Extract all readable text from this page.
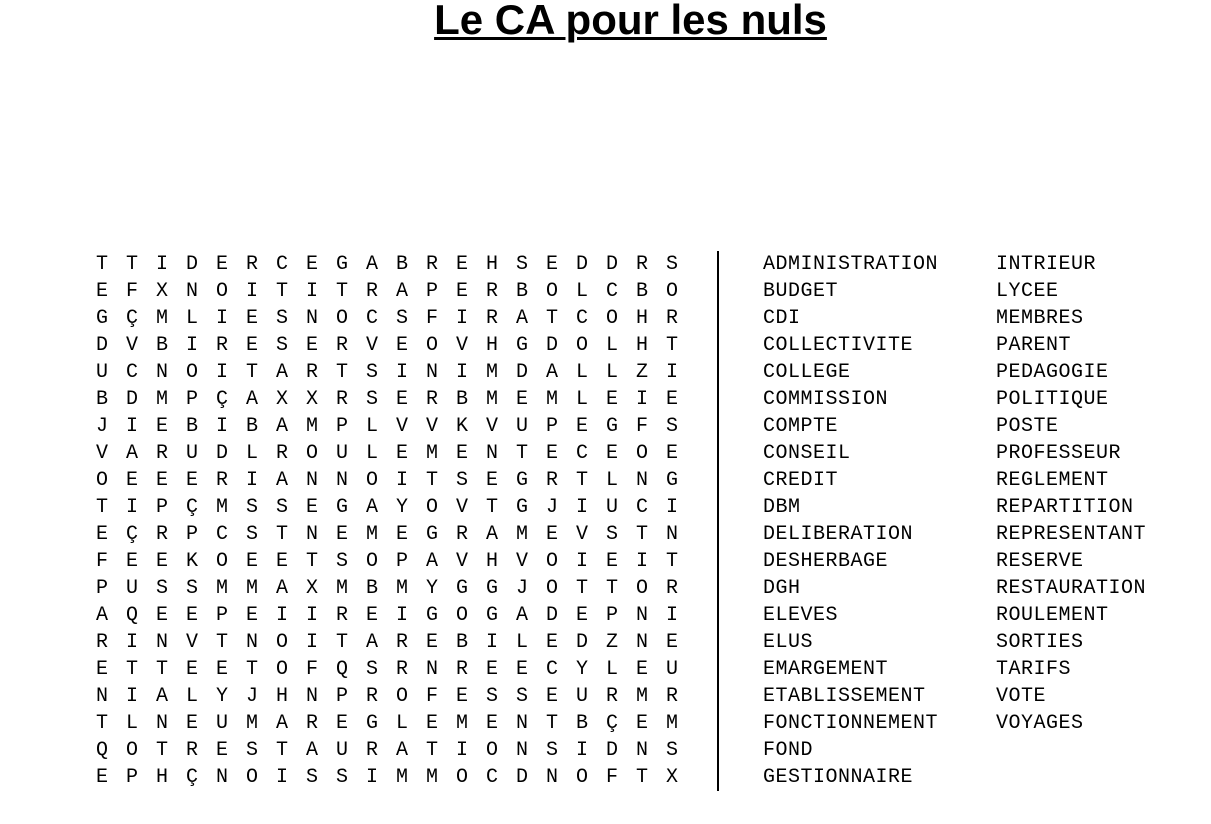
Le CA pour les nuls
T T I D E R C E G A B R E H S E D D R S
E F X N O I T I T R A P E R B O L C B O
G Ç M L I E S N O C S F I R A T C O H R
D V B I R E S E R V E O V H G D O L H T
U C N O I T A R T S I N I M D A L L Z I
B D M P Ç A X X R S E R B M E M L E I E
J I E B I B A M P L V V K V U P E G F S
V A R U D L R O U L E M E N T E C E O E
O E E E R I A N N O I T S E G R T L N G
T I P Ç M S S E G A Y O V T G J I U C I
E Ç R P C S T N E M E G R A M E V S T N
F E E K O E E T S O P A V H V O I E I T
P U S S M M A X M B M Y G G J O T T O R
A Q E E P E I I R E I G O G A D E P N I
R I N V T N O I T A R E B I L E D Z N E
E T T E E T O F Q S R N R E E C Y L E U
N I A L Y J H N P R O F E S S E U R M R
T L N E U M A R E G L E M E N T B Ç E M
Q O T R E S T A U R A T I O N S I D N S
E P H Ç N O I S S I M M O C D N O F T X
ADMINISTRATION
BUDGET
CDI
COLLECTIVITE
COLLEGE
COMMISSION
COMPTE
CONSEIL
CREDIT
DBM
DELIBERATION
DESHERBAGE
DGH
ELEVES
ELUS
EMARGEMENT
ETABLISSEMENT
FONCTIONNEMENT
FOND
GESTIONNAIRE
INTRIEUR
LYCEE
MEMBRES
PARENT
PEDAGOGIE
POLITIQUE
POSTE
PROFESSEUR
REGLEMENT
REPARTITION
REPRESENTANT
RESERVE
RESTAURATION
ROULEMENT
SORTIES
TARIFS
VOTE
VOYAGES
